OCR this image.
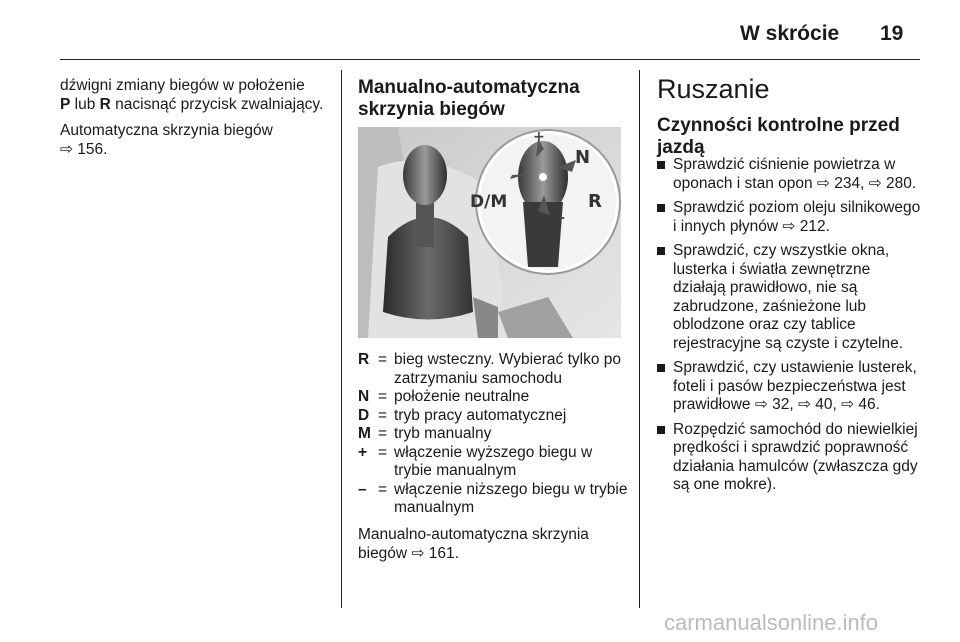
W skrócie 19

dźwigni zmiany biegów w położenie
P lub R nacisnąć przycisk zwalniający.

Automatyczna skrzynia biegów
⇨ 156.

Manualno-automatyczna skrzynia biegów
+
–
D/M
N
R
R = bieg wsteczny. Wybierać tylko po zatrzymaniu samochodu
N = położenie neutralne
D = tryb pracy automatycznej
M = tryb manualny
+ = włączenie wyższego biegu w trybie manualnym
– = włączenie niższego biegu w trybie manualnym

Manualno-automatyczna skrzynia biegów ⇨ 161.

Ruszanie
Czynności kontrolne przed jazdą
Sprawdzić ciśnienie powietrza w oponach i stan opon ⇨ 234, ⇨ 280.
Sprawdzić poziom oleju silnikowego i innych płynów ⇨ 212.
Sprawdzić, czy wszystkie okna, lusterka i światła zewnętrzne działają prawidłowo, nie są zabrudzone, zaśnieżone lub oblodzone oraz czy tablice rejestracyjne są czyste i czytelne.
Sprawdzić, czy ustawienie lusterek, foteli i pasów bezpieczeństwa jest prawidłowe ⇨ 32, ⇨ 40, ⇨ 46.
Rozpędzić samochód do niewielkiej prędkości i sprawdzić poprawność działania hamulców (zwłaszcza gdy są one mokre).
carmanualsonline.info
